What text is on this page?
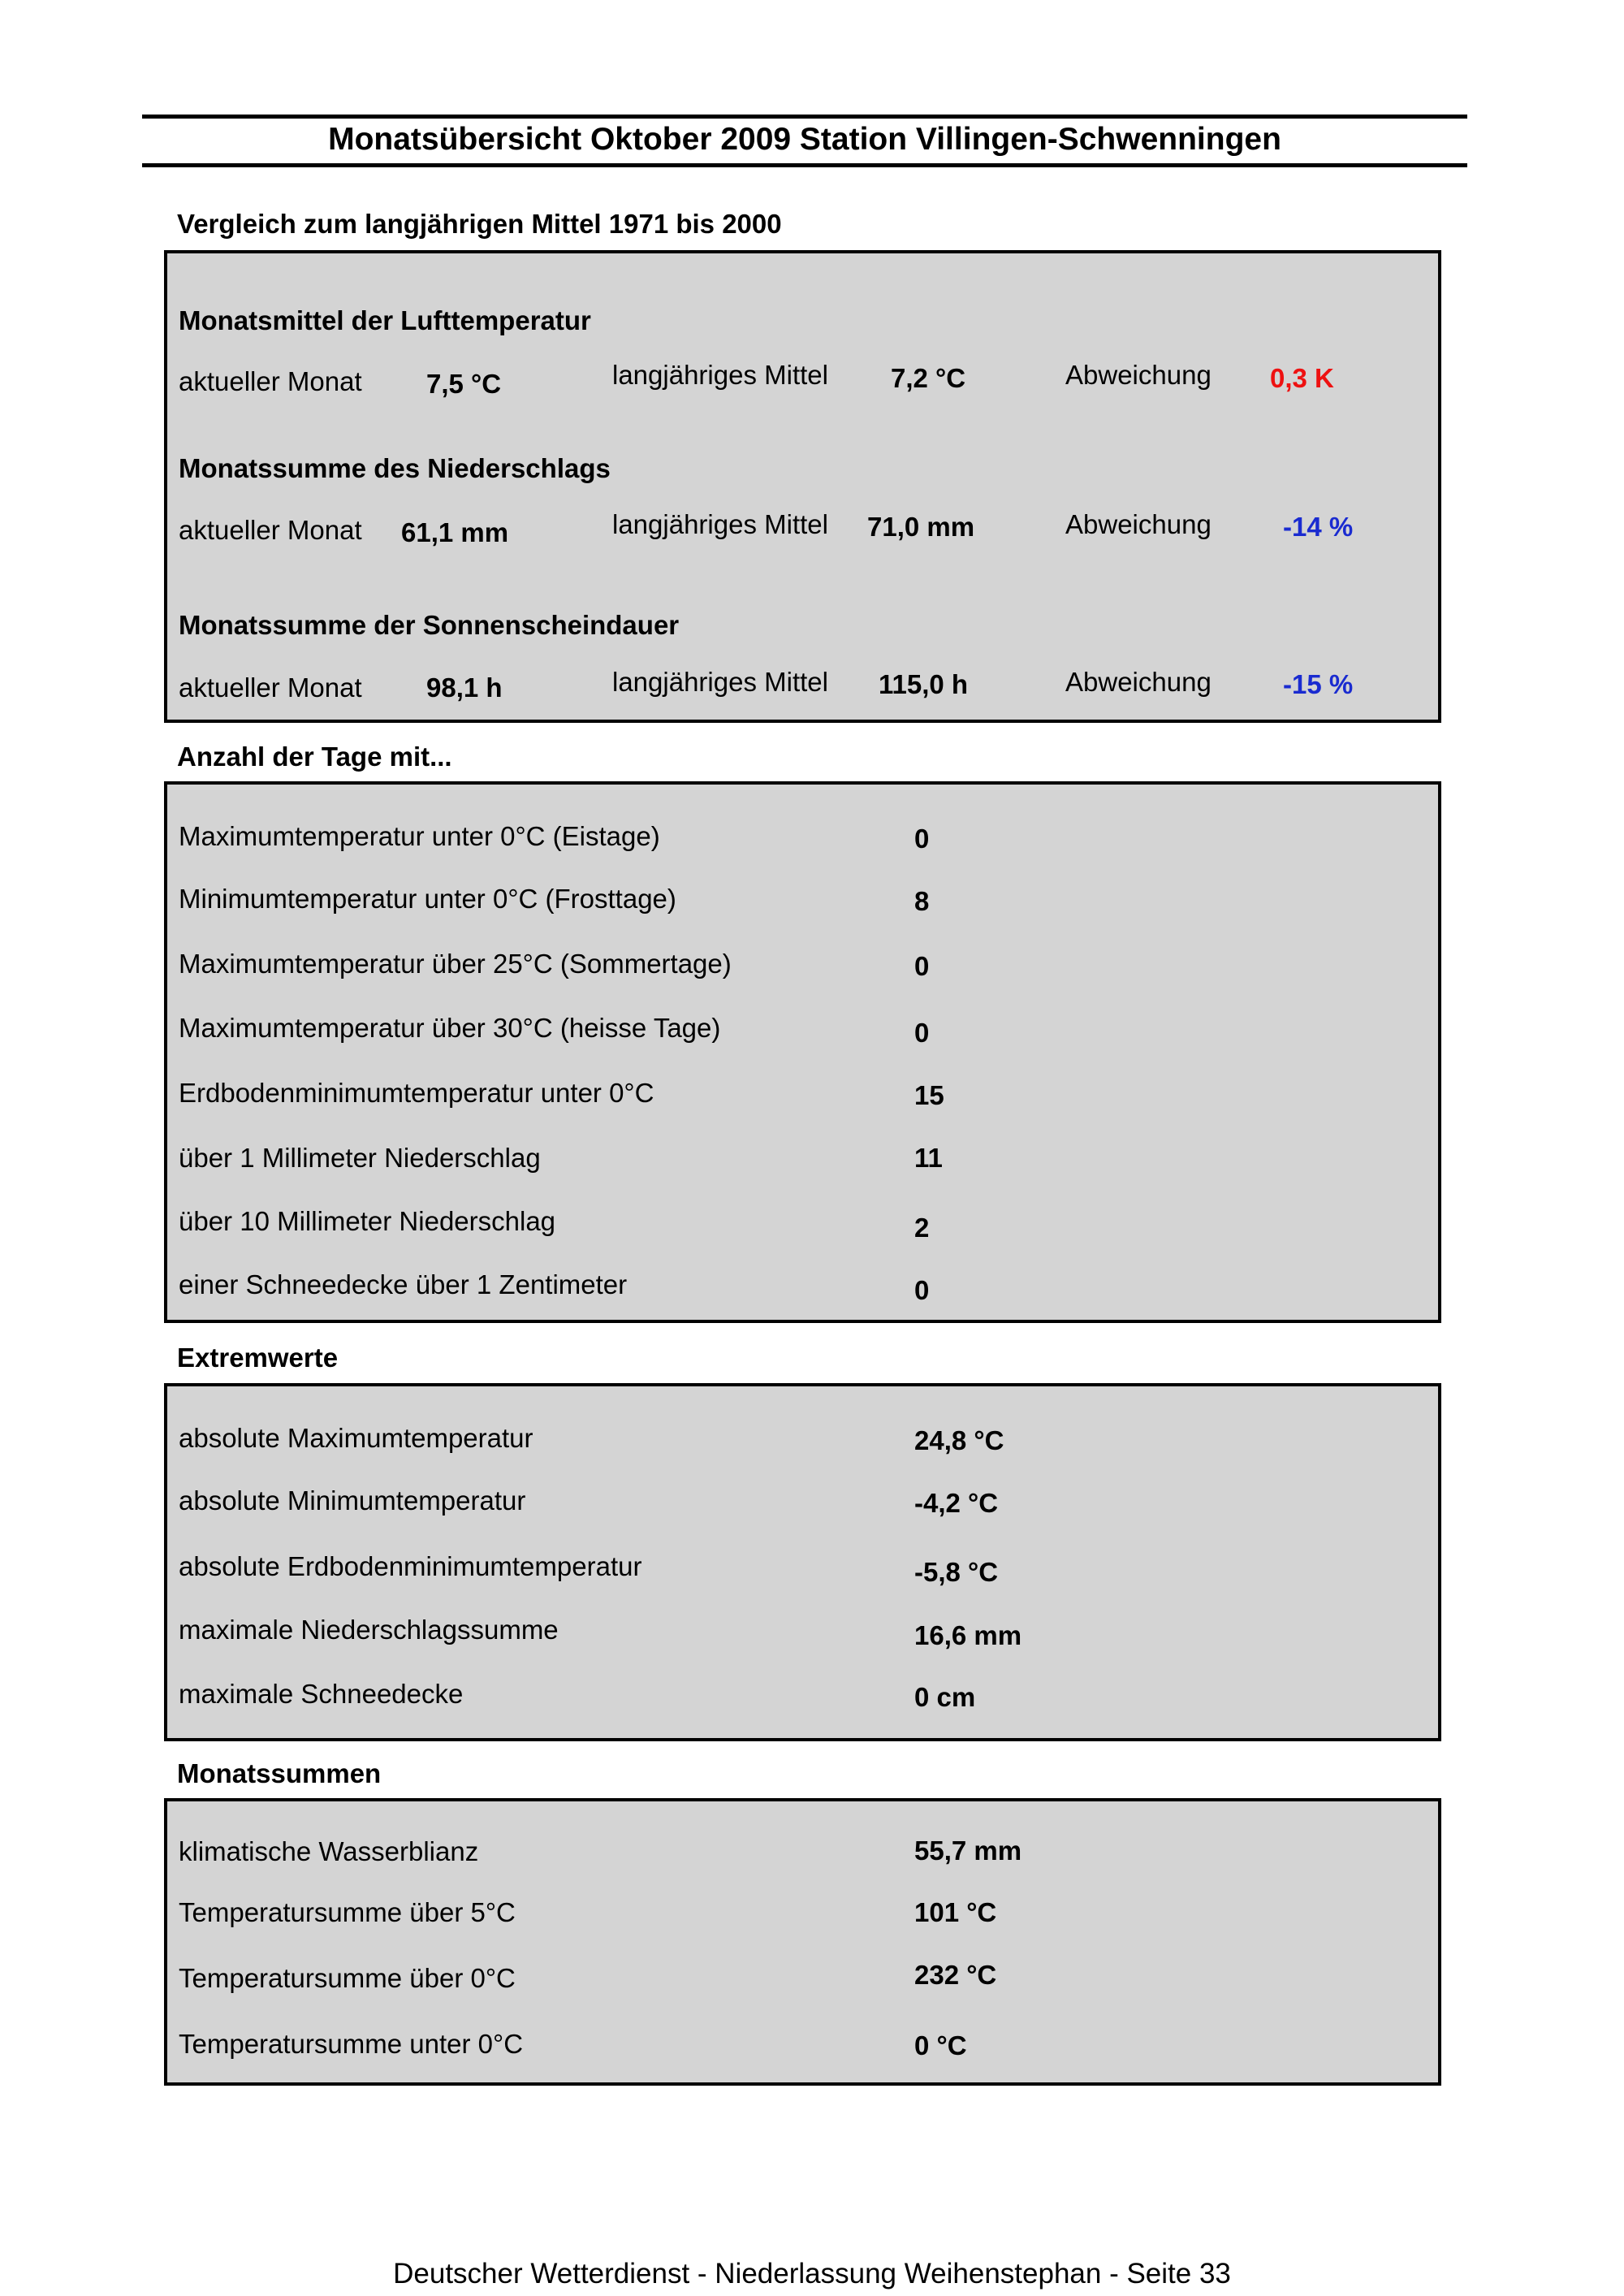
Monatsübersicht Oktober 2009 Station Villingen-Schwenningen
Vergleich zum langjährigen Mittel 1971 bis 2000
Monatsmittel der Lufttemperatur
aktueller Monat 7,5 °C	langjähriges Mittel 7,2 °C	Abweichung 0,3 K
Monatssumme des Niederschlags
aktueller Monat 61,1 mm	langjähriges Mittel 71,0 mm	Abweichung	-14 %
Monatssumme der Sonnenscheindauer
aktueller Monat 98,1 h	langjähriges Mittel 115,0 h	Abweichung	-15 %
Anzahl der Tage mit...
Maximumtemperatur unter 0°C (Eistage)	0
Minimumtemperatur unter 0°C (Frosttage)	8
Maximumtemperatur über 25°C (Sommertage)	0
Maximumtemperatur über 30°C (heisse Tage)	0
Erdbodenminimumtemperatur unter 0°C	15
über 1 Millimeter Niederschlag	11
über 10 Millimeter Niederschlag	2
einer Schneedecke über 1 Zentimeter	0
Extremwerte
absolute Maximumtemperatur	24,8 °C
absolute Minimumtemperatur	-4,2 °C
absolute Erdbodenminimumtemperatur	-5,8 °C
maximale Niederschlagssumme	16,6 mm
maximale Schneedecke	0 cm
Monatssummen
klimatische Wasserblianz	55,7 mm
Temperatursumme über 5°C	101 °C
Temperatursumme über 0°C	232 °C
Temperatursumme unter 0°C	0 °C
Deutscher Wetterdienst - Niederlassung Weihenstephan - Seite 33
